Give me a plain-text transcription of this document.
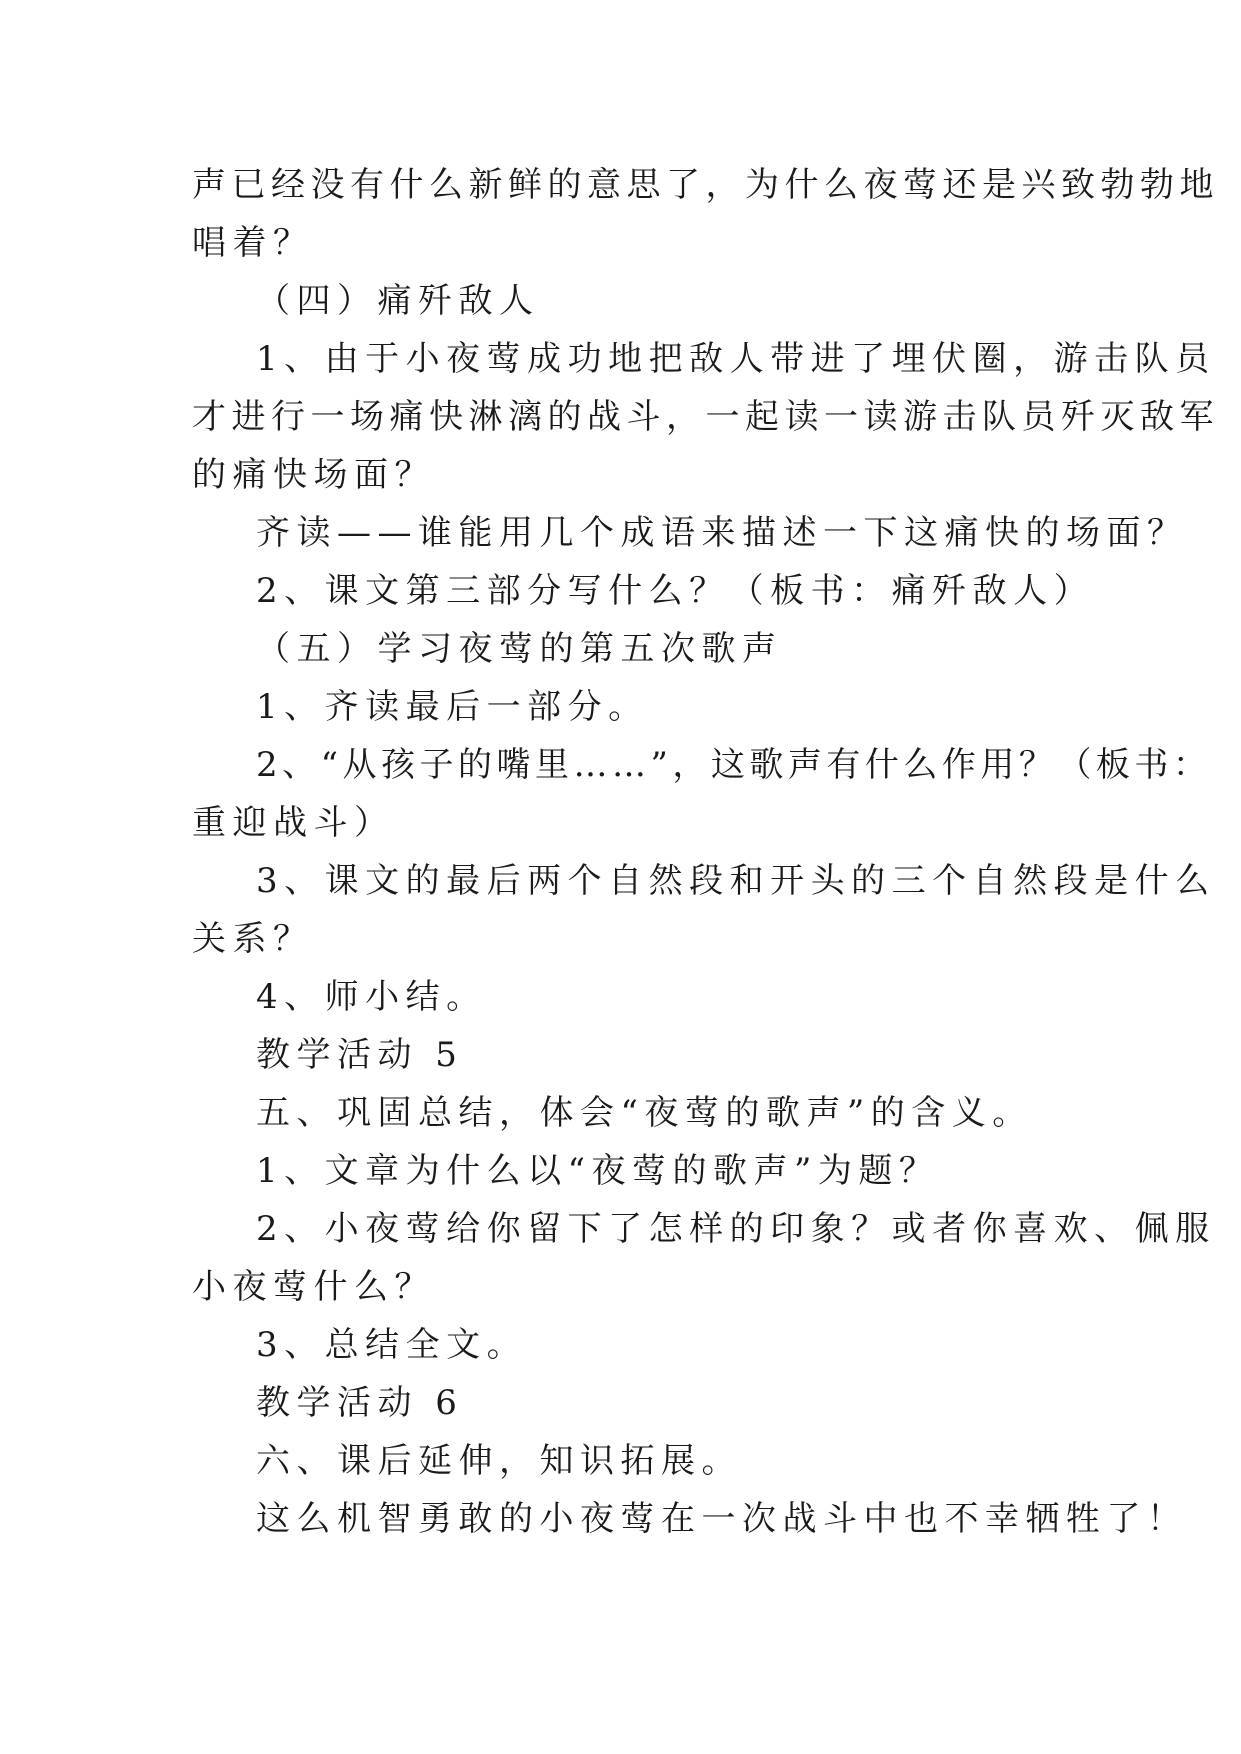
声已经没有什么新鲜的意思了，为什么夜莺还是兴致勃勃地
唱着？
（四）痛歼敌人
1、由于小夜莺成功地把敌人带进了埋伏圈，游击队员
才进行一场痛快淋漓的战斗，一起读一读游击队员歼灭敌军
的痛快场面？
齐读——谁能用几个成语来描述一下这痛快的场面？
2、课文第三部分写什么？（板书：痛歼敌人）
（五）学习夜莺的第五次歌声
1、齐读最后一部分。
2、“从孩子的嘴里……”，这歌声有什么作用？（板书：
重迎战斗）
3、课文的最后两个自然段和开头的三个自然段是什么
关系？
4、师小结。
教学活动 5
五、巩固总结，体会“夜莺的歌声”的含义。
1、文章为什么以“夜莺的歌声”为题？
2、小夜莺给你留下了怎样的印象？或者你喜欢、佩服
小夜莺什么？
3、总结全文。
教学活动 6
六、课后延伸，知识拓展。
这么机智勇敢的小夜莺在一次战斗中也不幸牺牲了！
